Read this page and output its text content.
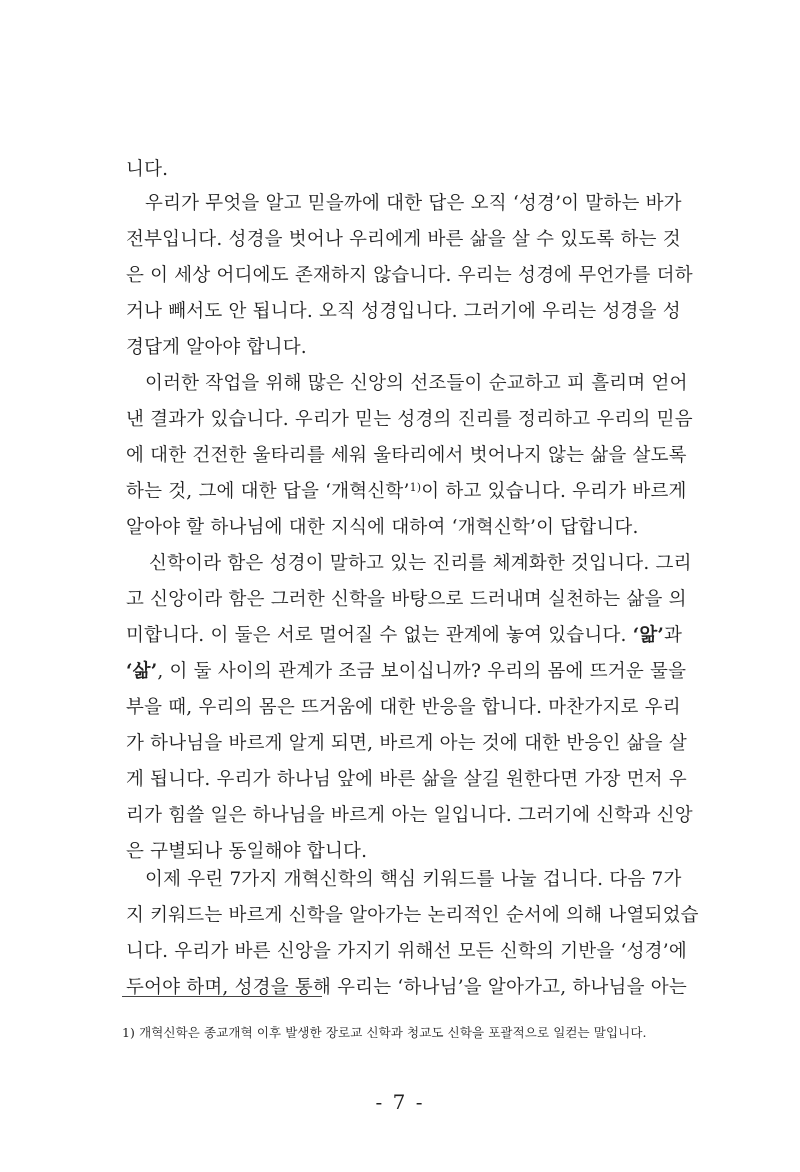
니다.
우리가 무엇을 알고 믿을까에 대한 답은 오직 ‘성경’이 말하는 바가
전부입니다. 성경을 벗어나 우리에게 바른 삶을 살 수 있도록 하는 것
은 이 세상 어디에도 존재하지 않습니다. 우리는 성경에 무언가를 더하
거나 빼서도 안 됩니다. 오직 성경입니다. 그러기에 우리는 성경을 성
경답게 알아야 합니다.
이러한 작업을 위해 많은 신앙의 선조들이 순교하고 피 흘리며 얻어
낸 결과가 있습니다. 우리가 믿는 성경의 진리를 정리하고 우리의 믿음
에 대한 건전한 울타리를 세워 울타리에서 벗어나지 않는 삶을 살도록
하는 것, 그에 대한 답을 ‘개혁신학’$^{1)}$이 하고 있습니다. 우리가 바르게
알아야 할 하나님에 대한 지식에 대하여 ‘개혁신학’이 답합니다.
신학이라 함은 성경이 말하고 있는 진리를 체계화한 것입니다. 그리
고 신앙이라 함은 그러한 신학을 바탕으로 드러내며 실천하는 삶을 의
미합니다. 이 둘은 서로 멀어질 수 없는 관계에 놓여 있습니다. ‘앎’과
‘삶’, 이 둘 사이의 관계가 조금 보이십니까? 우리의 몸에 뜨거운 물을
부을 때, 우리의 몸은 뜨거움에 대한 반응을 합니다. 마찬가지로 우리
가 하나님을 바르게 알게 되면, 바르게 아는 것에 대한 반응인 삶을 살
게 됩니다. 우리가 하나님 앞에 바른 삶을 살길 원한다면 가장 먼저 우
리가 힘쓸 일은 하나님을 바르게 아는 일입니다. 그러기에 신학과 신앙
은 구별되나 동일해야 합니다.
이제 우린 7가지 개혁신학의 핵심 키워드를 나눌 겁니다. 다음 7가
지 키워드는 바르게 신학을 알아가는 논리적인 순서에 의해 나열되었습
니다. 우리가 바른 신앙을 가지기 위해선 모든 신학의 기반을 ‘성경’에
두어야 하며, 성경을 통해 우리는 ‘하나님’을 알아가고, 하나님을 아는
1) 개혁신학은 종교개혁 이후 발생한 장로교 신학과 청교도 신학을 포괄적으로 일컫는 말입니다.
- 7 -
